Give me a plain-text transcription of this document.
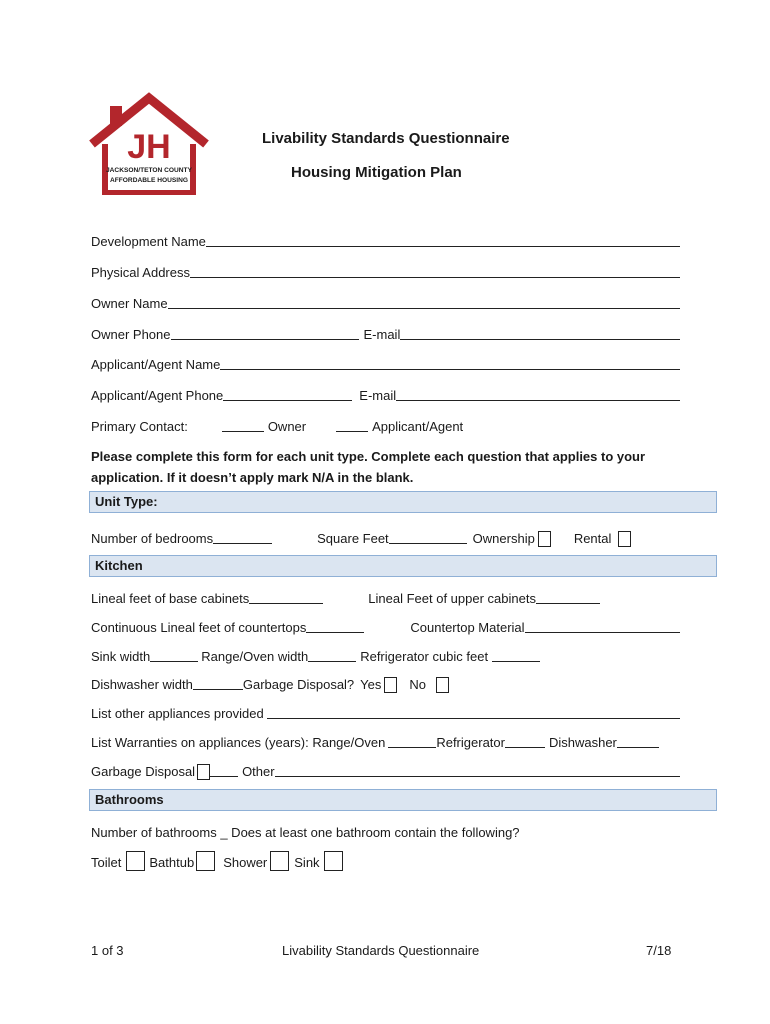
JH
JACKSON/TETON COUNTY
AFFORDABLE HOUSING
Livability Standards Questionnaire
Housing Mitigation Plan
Development Name
Physical Address
Owner Name
Owner Phone	E-mail
Applicant/Agent Name
Applicant/Agent Phone	E-mail
Primary Contact:	Owner	Applicant/Agent
Please complete this form for each unit type. Complete each question that applies to your application. If it doesn’t apply mark N/A in the blank.
Unit Type:
Number of bedrooms	Square Feet	Ownership	Rental
Kitchen
Lineal feet of base cabinets	Lineal Feet of upper cabinets
Continuous Lineal feet of countertops	Countertop Material
Sink width	Range/Oven width	Refrigerator cubic feet
Dishwasher width	Garbage Disposal? Yes No
List other appliances provided
List Warranties on appliances (years): Range/Oven	Refrigerator	Dishwasher
Garbage Disposal	Other
Bathrooms
Number of bathrooms _ Does at least one bathroom contain the following?
Toilet Bathtub Shower Sink
1 of 3	Livability Standards Questionnaire	7/18
